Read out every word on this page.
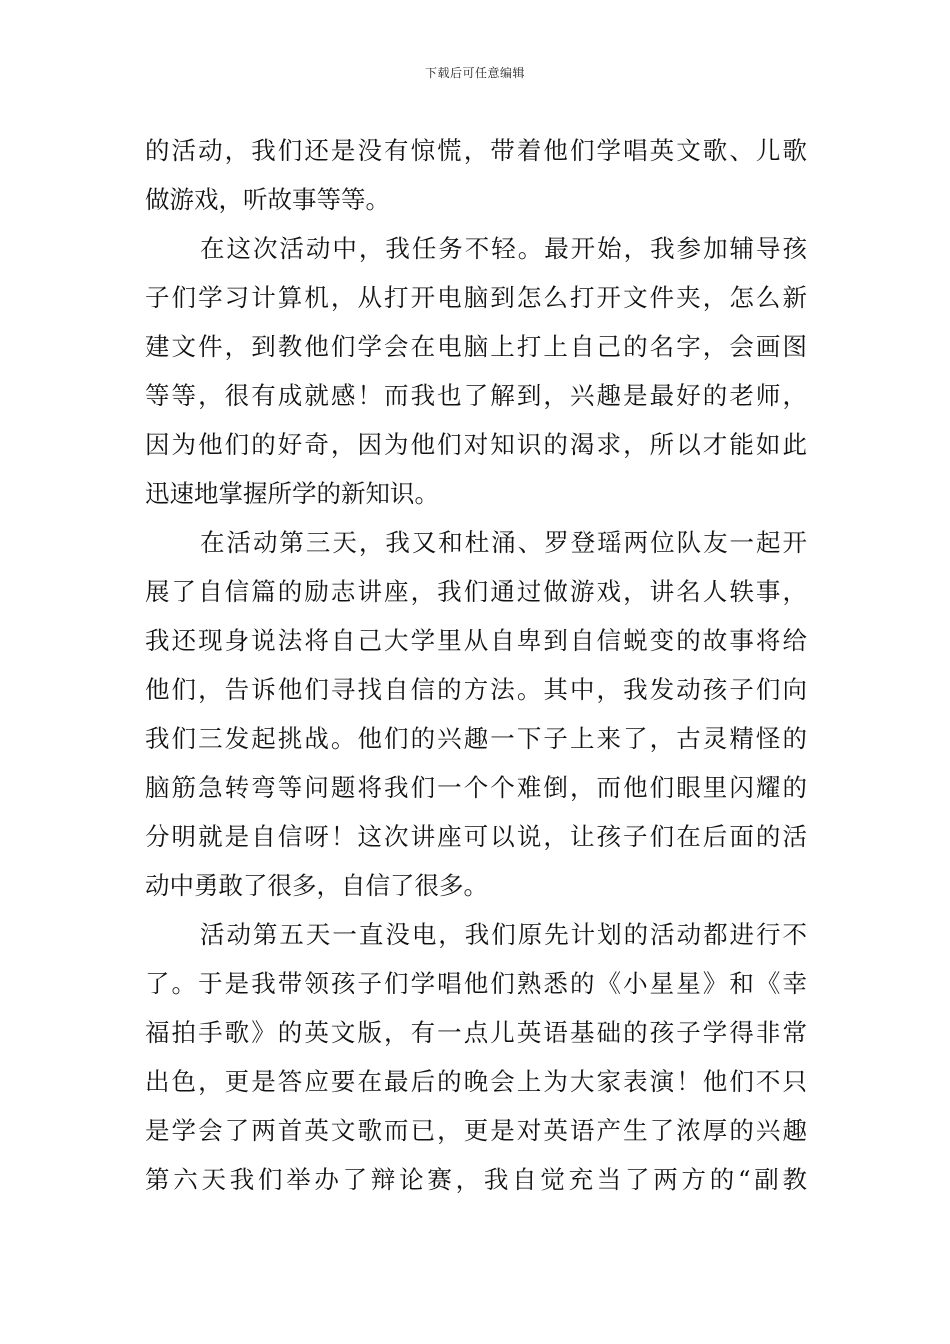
下载后可任意编辑
的活动，我们还是没有惊慌，带着他们学唱英文歌、儿歌
做游戏，听故事等等。
在这次活动中，我任务不轻。最开始，我参加辅导孩
子们学习计算机，从打开电脑到怎么打开文件夹，怎么新
建文件，到教他们学会在电脑上打上自己的名字，会画图
等等，很有成就感！而我也了解到，兴趣是最好的老师，
因为他们的好奇，因为他们对知识的渴求，所以才能如此
迅速地掌握所学的新知识。
在活动第三天，我又和杜涌、罗登瑶两位队友一起开
展了自信篇的励志讲座，我们通过做游戏，讲名人轶事，
我还现身说法将自己大学里从自卑到自信蜕变的故事将给
他们，告诉他们寻找自信的方法。其中，我发动孩子们向
我们三发起挑战。他们的兴趣一下子上来了，古灵精怪的
脑筋急转弯等问题将我们一个个难倒，而他们眼里闪耀的
分明就是自信呀！这次讲座可以说，让孩子们在后面的活
动中勇敢了很多，自信了很多。
活动第五天一直没电，我们原先计划的活动都进行不
了。于是我带领孩子们学唱他们熟悉的《小星星》和《幸
福拍手歌》的英文版，有一点儿英语基础的孩子学得非常
出色，更是答应要在最后的晚会上为大家表演！他们不只
是学会了两首英文歌而已，更是对英语产生了浓厚的兴趣
第六天我们举办了辩论赛，我自觉充当了两方的“副教
